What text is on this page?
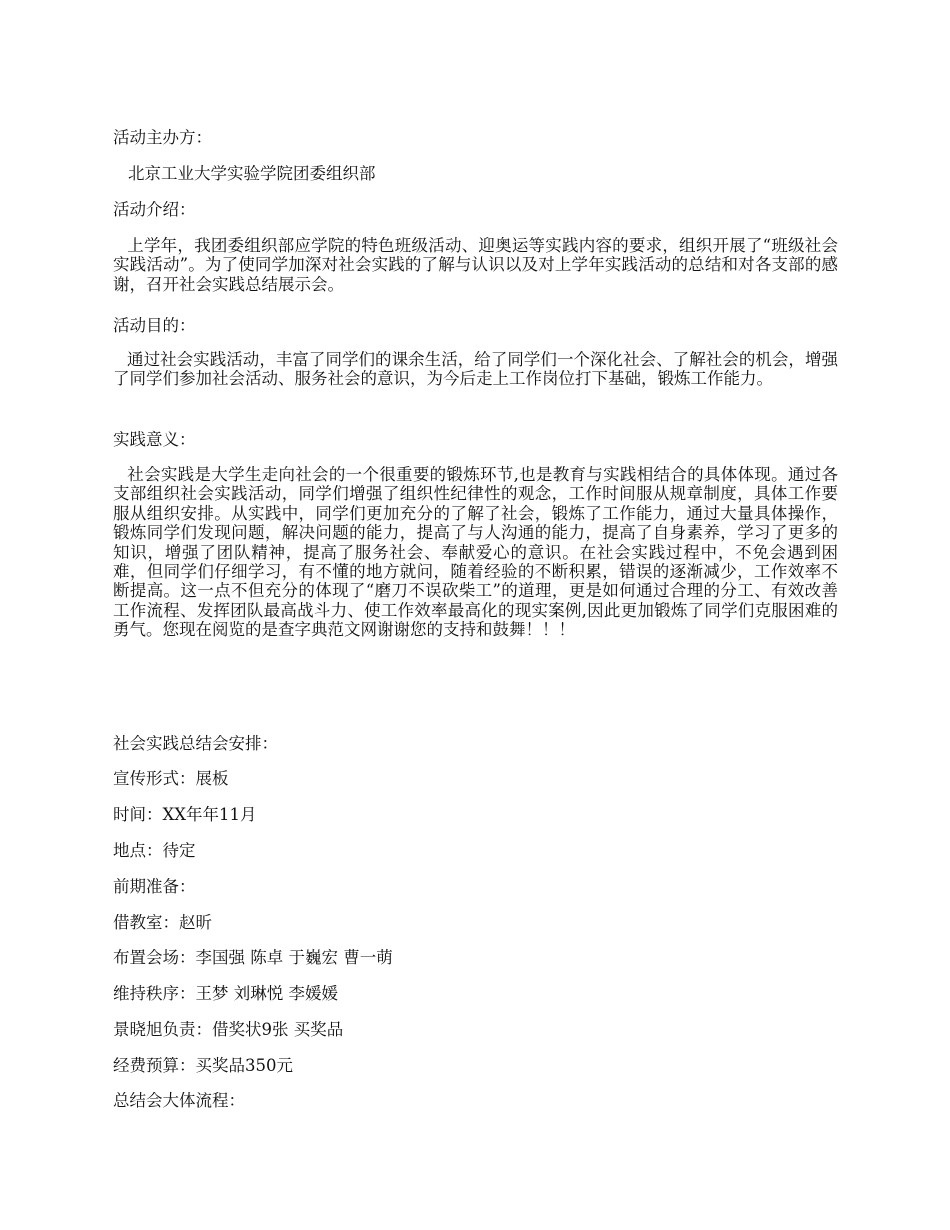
活动主办方：
北京工业大学实验学院团委组织部
活动介绍：
上学年，我团委组织部应学院的特色班级活动、迎奥运等实践内容的要求，组织开展了“班级社会实践活动”。为了使同学加深对社会实践的了解与认识以及对上学年实践活动的总结和对各支部的感谢，召开社会实践总结展示会。
活动目的：
通过社会实践活动，丰富了同学们的课余生活，给了同学们一个深化社会、了解社会的机会，增强了同学们参加社会活动、服务社会的意识，为今后走上工作岗位打下基础，锻炼工作能力。
实践意义：
社会实践是大学生走向社会的一个很重要的锻炼环节,也是教育与实践相结合的具体体现。通过各支部组织社会实践活动，同学们增强了组织性纪律性的观念，工作时间服从规章制度，具体工作要服从组织安排。从实践中，同学们更加充分的了解了社会，锻炼了工作能力，通过大量具体操作，锻炼同学们发现问题，解决问题的能力，提高了与人沟通的能力，提高了自身素养，学习了更多的知识，增强了团队精神，提高了服务社会、奉献爱心的意识。在社会实践过程中，不免会遇到困难，但同学们仔细学习，有不懂的地方就问，随着经验的不断积累，错误的逐渐减少，工作效率不断提高。这一点不但充分的体现了“磨刀不误砍柴工”的道理，更是如何通过合理的分工、有效改善工作流程、发挥团队最高战斗力、使工作效率最高化的现实案例,因此更加锻炼了同学们克服困难的勇气。您现在阅览的是查字典范文网谢谢您的支持和鼓舞！！！
社会实践总结会安排：
宣传形式：展板
时间：XX年年11月
地点：待定
前期准备：
借教室：赵昕
布置会场：李国强 陈卓 于巍宏 曹一萌
维持秩序：王梦 刘琳悦 李媛媛
景晓旭负责：借奖状9张 买奖品
经费预算：买奖品350元
总结会大体流程：
